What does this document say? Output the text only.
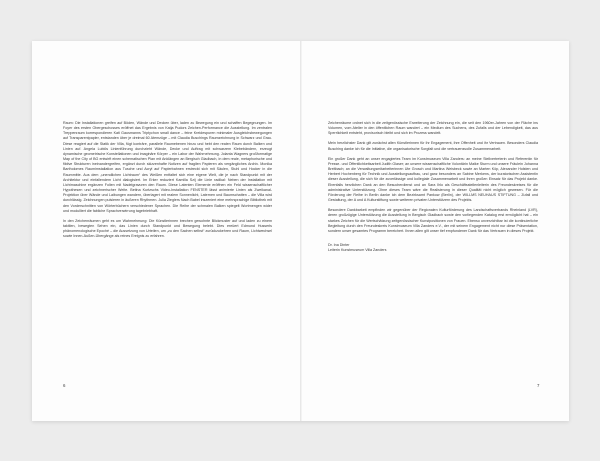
Raum: Die Installationen greifen auf Böden, Wände und Decken über, laden zu Bewegung ein und schaffen Begegnungen. Im Foyer des ersten Obergeschosses eröffnet das Ergebnis von Katja Pudors Zeichen-Performance die Ausstellung. Im zentralen Treppenraum korrespondieren Kati Gausmanns Triptychon small dance – feine Kreidespuren minimaler Ausgleichsbewegungen auf Transparentpapier, entstanden über je dreimal 60 Atemzüge – mit Claudia Buschings Raumzeichnung in Schwarz und Grau. Diese reagiert auf die Statik der Villa, fügt konträre, parallele Raumebenen hinzu und hebt den realen Raum durch Balken und Linien auf. Angela Lubičs Linienführung durchzieht Wände, Decke und Auftrag mit schwarzem Klebebändern, erzeugt dynamische geometrische Konstellationen und imaginäre Körper – ein Labor der Wahrnehmung. Jolanta Wagners großformatige Map of the City of BG entwirft einen schematischen Plan mit Anklängen an Bergisch Gladbach, in dem reale, metaphorische und fiktive Strukturen ineinandergreifen, ergänzt durch skizzenhafte Notizen auf fragilen Papieren als vergängliches Archiv. Monika Bartholomes Raumimstallation aus Tusche und Acryl auf Papierbahnen erstreckt sich mit Säulen, Stuhl und Hocker in die Raummitte. Aus dem „unendlichen Lichtraum“ des Weißen entfaltet sich eine eigene Welt, die je nach Standpunkt mit der Architektur und einfallendem Licht dialogisiert. Im Erker reduziert Kamilla Szij die Linie radikal: Neben der Installation mit Lichtmaschine ergänzen Folien mit Nadelgravuren den Raum. Diese Latenten Elemente eröffnen ein Feld wissenschaftlicher Hypothesen und zeichnerischer Weite. Betina Kurtzschs Video-Installation FENSTER lässt animierte Linien als Zweikanal-Projektion über Wände und Laibungen wandern, überlagert mit realem Sonnenlicht, Laternen und Baumschatten – die Villa wird durchlässig. Zeichnungen pulsieren in äußeren Rhythmen. Julia Zieglers Nach Babel inszeniert eine mehrsprachige Bibliothek mit den Vorderschnitten von Wörterbüchern verschiedener Sprachen. Die Reihe der schmalen Balken spiegelt Wortmengen wider und modulliert die fabliche Sprachverwirrung tagebriebhaft.

In den Zeichenräumen geht es um Wahrnehmung: Die Künstlerinnen brechen gewohnte Blickmuster auf und laden zu einem taktilen, bewegten Sehen ein, das Linien durch Standpunkt und Bewegung belebt. Dies ereüert Edmund Husserls phänomenologische Epoché – die Aussetzung von Urteilen, um „zu den Sachen selbst“ zurückzukehren und Raum, Lichtwechsel sowie Innen-Außen-Übergänge als reines Ereignis zu erfahren.

6

Zeichenräume ordnet sich in die zeitgenössische Erweiterung der Zeichnung ein, die seit den 1960er-Jahren von der Fläche ins Volumen, vom Atelier in den öffentlichen Raum wandert – ein Medium des Suchens, des Zufalls und der Lebendigkeit, das aus Sperrlichkeit entsteht, provisorisch bleibt und sich im Prozess wandelt.

Mein herzlichster Dank gilt zunächst allen Künstlerinnen für ihr Engagement, ihre Offenheit und ihr Vertrauen. Besonders Claudia Busching danke ich für die Initiative, die organisatorische Sorgfalt und die vertrauensvolle Zusammenarbeit.

Ein großer Dank geht an unser engagiertes Team im Kunstmuseum Villa Zanders: an meine Stellvertreterin und Referentin für Presse- und Öffentlichkeitsarbeit Judith Glaser; an unsere wissenschaftliche Volontärin Maike Sturm und unsere Fräulein Johanna Breitbach; an die Verwaltungsmitarbeiterinnen Ute Grosch und Martina Weisbeck sowie an Marten Köp, Alexander Holsten und Herbert Hochenberg für Technik und Ausstellungsaufbau, und ganz besonders an Sabine Merkens, der kuratorischen Assistentin dieser Ausstellung, die sich für die zuverlässige und kollegiale Zusammenarbeit und ihren großen Einsatz für das Projekt danke. Ebenfalls herzlichen Dank an den Besucherdienst und an Sara Ihlo als Geschäftsstellenleiterin des Freundeskreises für die administrative Unterstützung. Ohne dieses Team wäre die Realisierung in dieser Qualität nicht möglich gewesen. Für die Förderung der Reihe in Berlin danke ich dem Bezirksamt Pankow (Berlin), der WILLMS NEUHAUS STIFTUNG – Zufall und Gestaltung, der A und A Kulturstiftung sowie weiteren privaten Unterstützern des Projekts.

Besondere Dankbarkeit empfinden wir gegenüber der Regionalen Kulturförderung des Landschaftsverbands Rheinland (LVR), deren großzügige Unterstützung die Ausstellung in Bergisch Gladbach sowie den vorliegenden Katalog erst ermöglicht hat – ein starkes Zeichen für die Wertschätzung zeitgenössischer Kunstpositionen von Frauen. Ebenso unverzichtbar ist die kontinuierliche Begleitung durch den Freundeskreis Kunstmuseum Villa Zanders e.V., der mit seinem Engagement nicht nur diese Präsentation, sondern unser gesamtes Programm bereichert. Ihnen allen gilt unser tief empfundener Dank für das Vertrauen in dieses Projekt.

Dr. Ina Dinter
Leiterin Kunstmuseum Villa Zanders
7
